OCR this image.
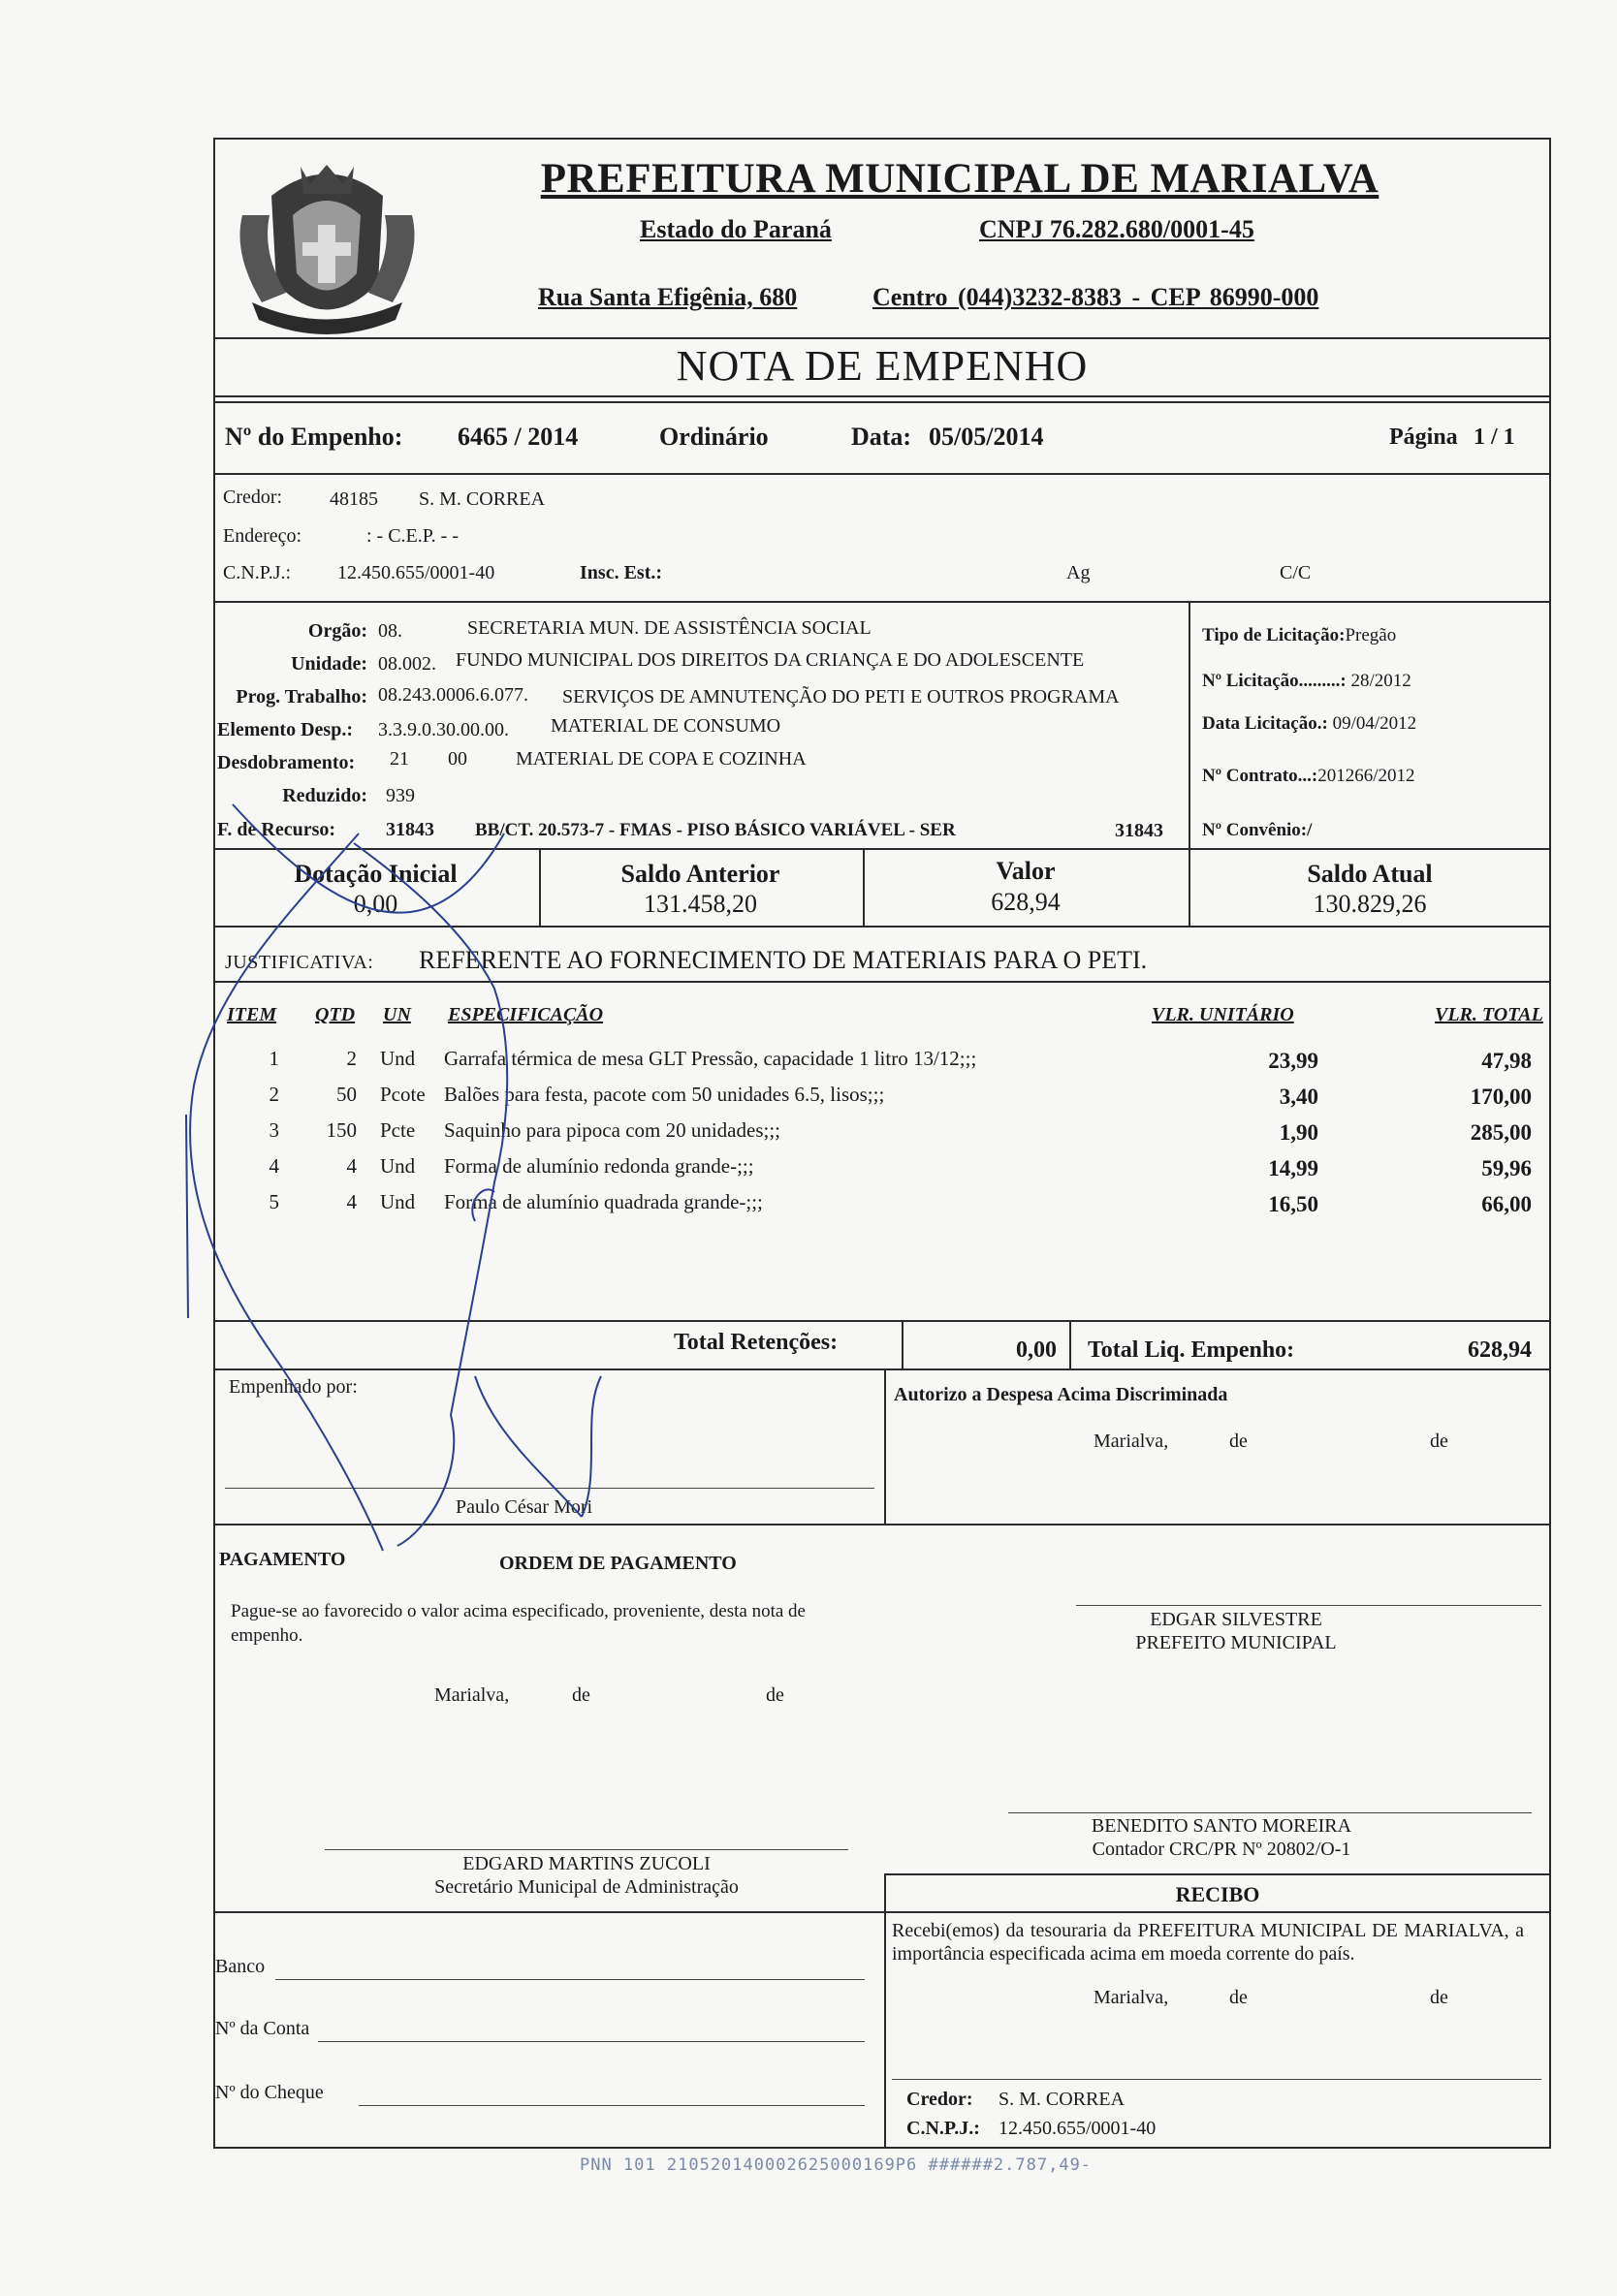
PREFEITURA MUNICIPAL DE MARIALVA
Estado do Paraná	CNPJ 76.282.680/0001-45
Rua Santa Efigênia, 680	Centro (044)3232-8383 - CEP 86990-000
NOTA DE EMPENHO
Nº do Empenho: 6465 / 2014	Ordinário	Data: 05/05/2014	Página 1 / 1
Credor: 48185 S. M. CORREA
Endereço:	: - C.E.P. - -
C.N.P.J.: 12.450.655/0001-40	Insc. Est.:	Ag	C/C
Orgão: 08.	SECRETARIA MUN. DE ASSISTÊNCIA SOCIAL
Unidade: 08.002. FUNDO MUNICIPAL DOS DIREITOS DA CRIANÇA E DO ADOLESCENTE
Prog. Trabalho: 08.243.0006.6.077. SERVIÇOS DE AMNUTENÇÃO DO PETI E OUTROS PROGRAMA
Elemento Desp.: 3.3.9.0.30.00.00. MATERIAL DE CONSUMO
Desdobramento: 21 00	MATERIAL DE COPA E COZINHA
Reduzido: 939
F. de Recurso:	31843 BB/CT. 20.573-7 - FMAS - PISO BÁSICO VARIÁVEL - SER	31843
Tipo de Licitação:Pregão
Nº Licitação.........: 28/2012
Data Licitação.: 09/04/2012
Nº Contrato...:201266/2012
Nº Convênio:/
Dotação Inicial
0,00
Saldo Anterior
131.458,20
Valor
628,94
Saldo Atual
130.829,26
JUSTIFICATIVA: REFERENTE AO FORNECIMENTO DE MATERIAIS PARA O PETI.
ITEM QTD UN ESPECIFICAÇÃO	VLR. UNITÁRIO	VLR. TOTAL
1	2 Und Garrafa térmica de mesa GLT Pressão, capacidade 1 litro 13/12;;;	23,99	47,98
2	50 Pcote Balões para festa, pacote com 50 unidades 6.5, lisos;;;	3,40	170,00
3	150 Pcte Saquinho para pipoca com 20 unidades;;;	1,90	285,00
4	4 Und Forma de alumínio redonda grande-;;;	14,99	59,96
5	4 Und Forma de alumínio quadrada grande-;;;	16,50	66,00
Total Retenções:	0,00 Total Liq. Empenho:	628,94
Empenhado por:
Paulo César Mori
Autorizo a Despesa Acima Discriminada
Marialva,	de	de
PAGAMENTO	ORDEM DE PAGAMENTO
Pague-se ao favorecido o valor acima especificado, proveniente, desta nota de empenho.
Marialva,	de	de
EDGAR SILVESTRE
PREFEITO MUNICIPAL
BENEDITO SANTO MOREIRA
Contador CRC/PR Nº 20802/O-1
EDGARD MARTINS ZUCOLI
Secretário Municipal de Administração	RECIBO
Recebi(emos) da tesouraria da PREFEITURA MUNICIPAL DE MARIALVA, a importância especificada acima em moeda corrente do país.
Marialva,	de	de
Banco
Nº da Conta
Nº do Cheque	Credor: S. M. CORREA
C.N.P.J.: 12.450.655/0001-40
PNN 101 210520140002625000169P6 ######2.787,49-
